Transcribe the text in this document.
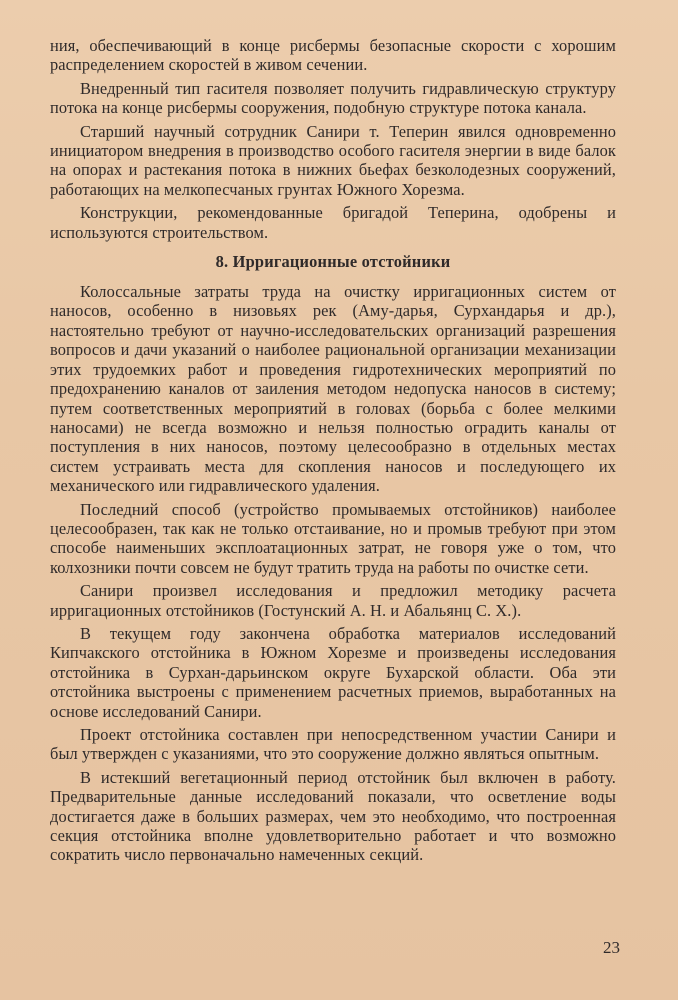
ния, обеспечивающий в конце рисбермы безопасные скорости с хорошим распределением скоростей в живом сечении.

Внедренный тип гасителя позволяет получить гидравлическую структуру потока на конце рисбермы сооружения, подобную структуре потока канала.

Старший научный сотрудник Санири т. Теперин явился одновременно инициатором внедрения в производство особого гасителя энергии в виде балок на опорах и растекания потока в нижних бьефах безколодезных сооружений, работающих на мелкопесчаных грунтах Южного Хорезма.

Конструкции, рекомендованные бригадой Теперина, одобрены и используются строительством.

8. Ирригационные отстойники

Колоссальные затраты труда на очистку ирригационных систем от наносов, особенно в низовьях рек (Аму-дарья, Сурхандарья и др.), настоятельно требуют от научно-исследовательских организаций разрешения вопросов и дачи указаний о наиболее рациональной организации механизации этих трудоемких работ и проведения гидротехнических мероприятий по предохранению каналов от заиления методом недопуска наносов в систему; путем соответственных мероприятий в головах (борьба с более мелкими наносами) не всегда возможно и нельзя полностью оградить каналы от поступления в них наносов, поэтому целесообразно в отдельных местах систем устраивать места для скопления наносов и последующего их механического или гидравлического удаления.

Последний способ (устройство промываемых отстойников) наиболее целесообразен, так как не только отстаивание, но и промыв требуют при этом способе наименьших эксплоатационных затрат, не говоря уже о том, что колхозники почти совсем не будут тратить труда на работы по очистке сети.

Санири произвел исследования и предложил методику расчета ирригационных отстойников (Гостунский А. Н. и Абальянц С. Х.).

В текущем году закончена обработка материалов исследований Кипчакского отстойника в Южном Хорезме и произведены исследования отстойника в Сурхан-дарьинском округе Бухарской области. Оба эти отстойника выстроены с применением расчетных приемов, выработанных на основе исследований Санири.

Проект отстойника составлен при непосредственном участии Санири и был утвержден с указаниями, что это сооружение должно являться опытным.

В истекший вегетационный период отстойник был включен в работу. Предварительные данные исследований показали, что осветление воды достигается даже в больших размерах, чем это необходимо, что построенная секция отстойника вполне удовлетворительно работает и что возможно сократить число первоначально намеченных секций.

23
